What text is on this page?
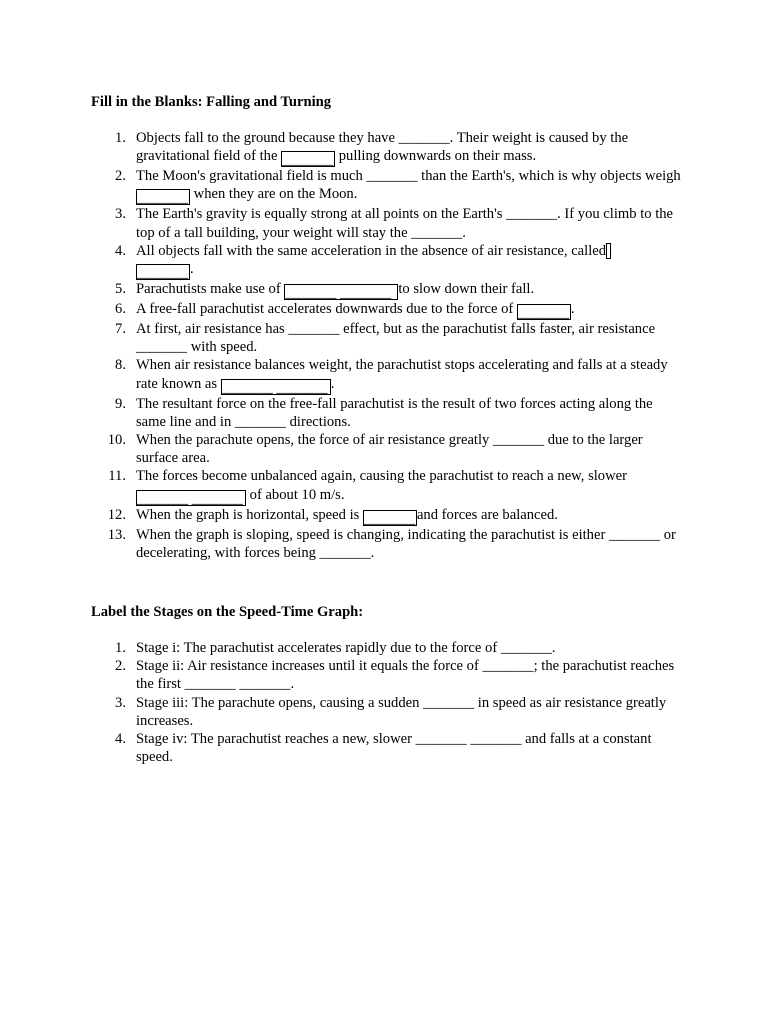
Fill in the Blanks: Falling and Turning
1. Objects fall to the ground because they have _______. Their weight is caused by the gravitational field of the _______ pulling downwards on their mass.
2. The Moon's gravitational field is much _______ than the Earth's, which is why objects weigh _______ when they are on the Moon.
3. The Earth's gravity is equally strong at all points on the Earth's _______. If you climb to the top of a tall building, your weight will stay the _______.
4. All objects fall with the same acceleration in the absence of air resistance, called
_______ .
5. Parachutists make use of _______ _______ to slow down their fall.
6. A free-fall parachutist accelerates downwards due to the force of _______ .
7. At first, air resistance has _______ effect, but as the parachutist falls faster, air resistance _______ with speed.
8. When air resistance balances weight, the parachutist stops accelerating and falls at a steady rate known as _______ _______ .
9. The resultant force on the free-fall parachutist is the result of two forces acting along the same line and in _______ directions.
10. When the parachute opens, the force of air resistance greatly _______ due to the larger surface area.
11. The forces become unbalanced again, causing the parachutist to reach a new, slower
_______ _______ of about 10 m/s.
12. When the graph is horizontal, speed is _______ and forces are balanced.
13. When the graph is sloping, speed is changing, indicating the parachutist is either _______ or decelerating, with forces being _______.
Label the Stages on the Speed-Time Graph:
1. Stage i: The parachutist accelerates rapidly due to the force of _______.
2. Stage ii: Air resistance increases until it equals the force of _______; the parachutist reaches the first _______ _______.
3. Stage iii: The parachute opens, causing a sudden _______ in speed as air resistance greatly increases.
4. Stage iv: The parachutist reaches a new, slower _______ _______ and falls at a constant speed.
